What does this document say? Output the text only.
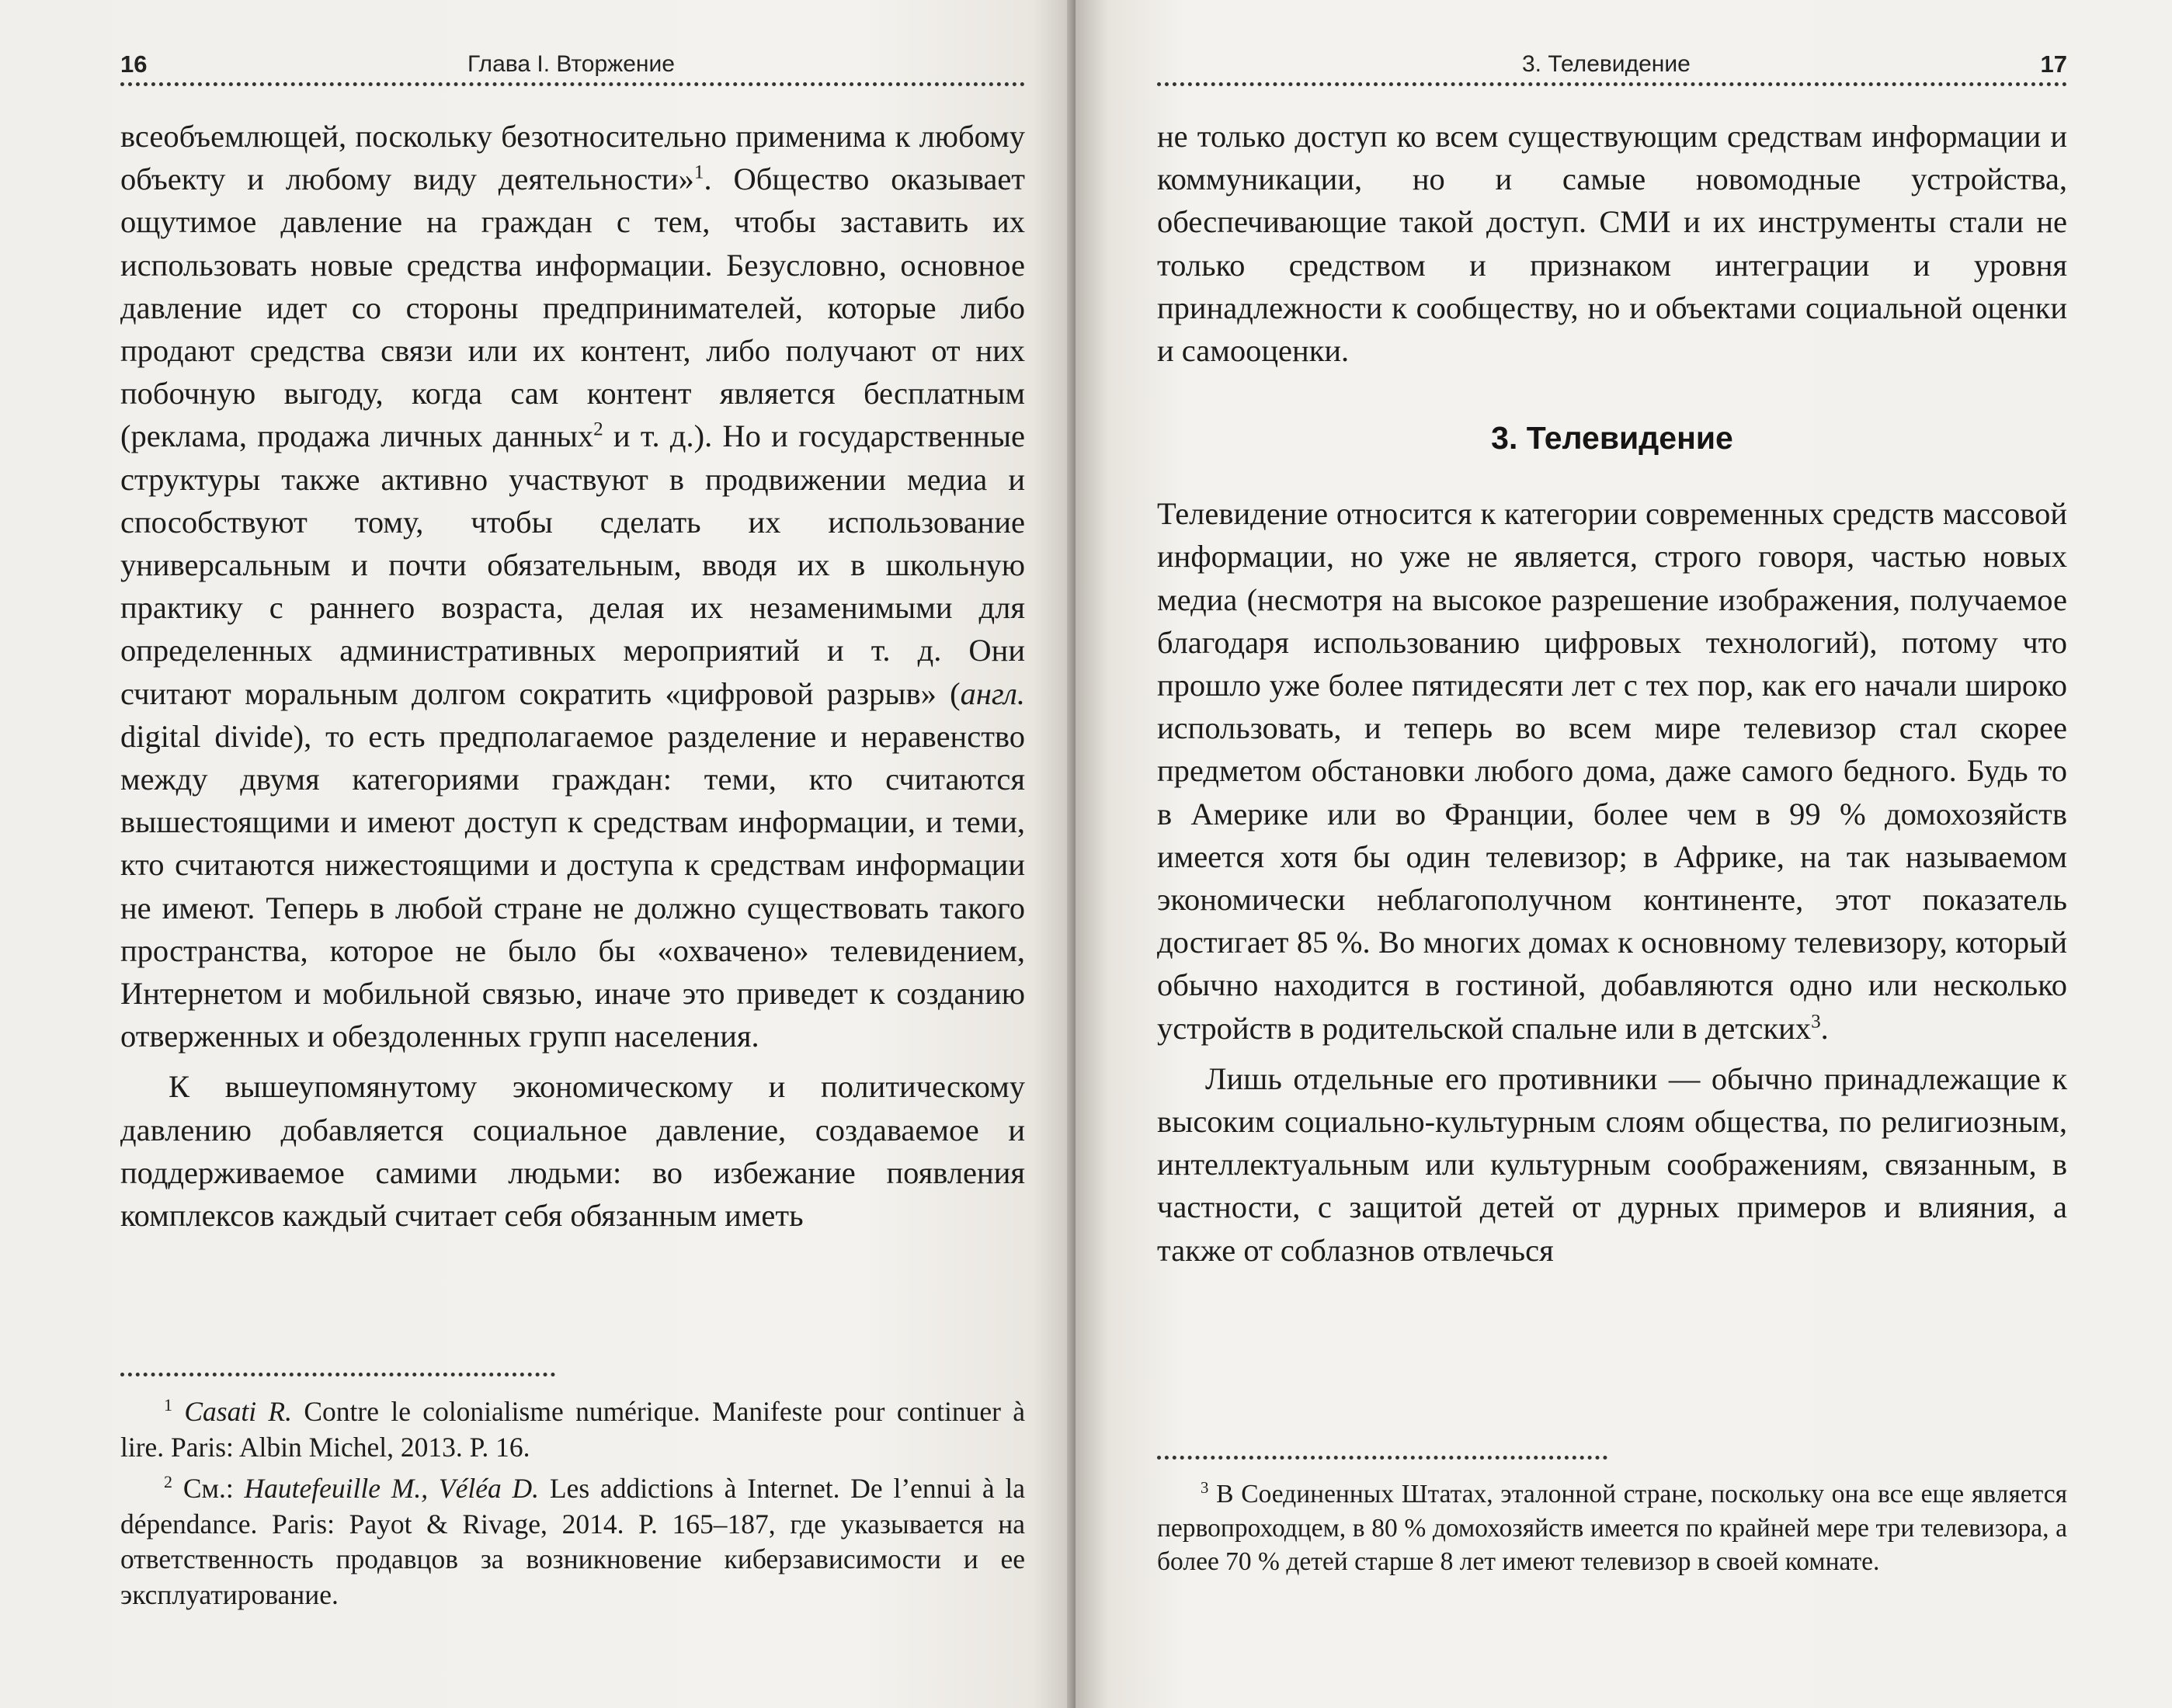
16	Глава I. Вторжение

всеобъемлющей, поскольку безотносительно применима к любому объекту и любому виду деятельности»$^1$. Общество оказывает ощутимое давление на граждан с тем, чтобы заставить их использовать новые средства информации. Безусловно, основное давление идет со стороны предпринимателей, которые либо продают средства связи или их контент, либо получают от них побочную выгоду, когда сам контент является бесплатным (реклама, продажа личных данных$^2$ и т. д.). Но и государственные структуры также активно участвуют в продвижении медиа и способствуют тому, чтобы сделать их использование универсальным и почти обязательным, вводя их в школьную практику с раннего возраста, делая их незаменимыми для определенных административных мероприятий и т. д. Они считают моральным долгом сократить «цифровой разрыв» (англ. digital divide), то есть предполагаемое разделение и неравенство между двумя категориями граждан: теми, кто считаются вышестоящими и имеют доступ к средствам информации, и теми, кто считаются нижестоящими и доступа к средствам информации не имеют. Теперь в любой стране не должно существовать такого пространства, которое не было бы «охвачено» телевидением, Интернетом и мобильной связью, иначе это приведет к созданию отверженных и обездоленных групп населения.

К вышеупомянутому экономическому и политическому давлению добавляется социальное давление, создаваемое и поддерживаемое самими людьми: во избежание появления комплексов каждый считает себя обязанным иметь

$^1$ Casati R. Contre le colonialisme numérique. Manifeste pour continuer à lire. Paris: Albin Michel, 2013. P. 16.

$^2$ См.: Hautefeuille M., Véléa D. Les addictions à Internet. De l’ennui à la dépendance. Paris: Payot & Rivage, 2014. P. 165–187, где указывается на ответственность продавцов за возникновение киберзависимости и ее эксплуатирование.

3. Телевидение	17

не только доступ ко всем существующим средствам информации и коммуникации, но и самые новомодные устройства, обеспечивающие такой доступ. СМИ и их инструменты стали не только средством и признаком интеграции и уровня принадлежности к сообществу, но и объектами социальной оценки и самооценки.

3. Телевидение

Телевидение относится к категории современных средств массовой информации, но уже не является, строго говоря, частью новых медиа (несмотря на высокое разрешение изображения, получаемое благодаря использованию цифровых технологий), потому что прошло уже более пятидесяти лет с тех пор, как его начали широко использовать, и теперь во всем мире телевизор стал скорее предметом обстановки любого дома, даже самого бедного. Будь то в Америке или во Франции, более чем в 99 % домохозяйств имеется хотя бы один телевизор; в Африке, на так называемом экономически неблагополучном континенте, этот показатель достигает 85 %. Во многих домах к основному телевизору, который обычно находится в гостиной, добавляются одно или несколько устройств в родительской спальне или в детских$^3$.

Лишь отдельные его противники — обычно принадлежащие к высоким социально-культурным слоям общества, по религиозным, интеллектуальным или культурным соображениям, связанным, в частности, с защитой детей от дурных примеров и влияния, а также от соблазнов отвлечься

$^3$ В Соединенных Штатах, эталонной стране, поскольку она все еще является первопроходцем, в 80 % домохозяйств имеется по крайней мере три телевизора, а более 70 % детей старше 8 лет имеют телевизор в своей комнате.
